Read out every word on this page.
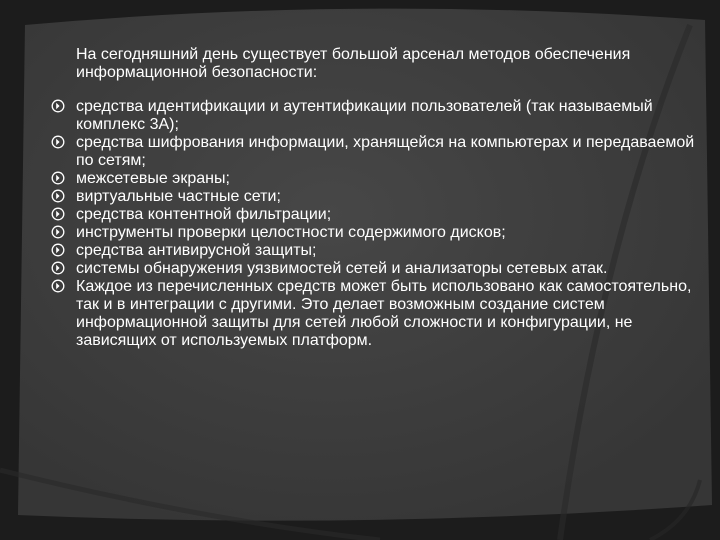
На сегодняшний день существует большой арсенал методов обеспечения информационной безопасности:

средства идентификации и аутентификации пользователей (так называемый комплекс 3А);
средства шифрования информации, хранящейся на компьютерах и передаваемой по сетям;
межсетевые экраны;
виртуальные частные сети;
средства контентной фильтрации;
инструменты проверки целостности содержимого дисков;
средства антивирусной защиты;
системы обнаружения уязвимостей сетей и анализаторы сетевых атак.
Каждое из перечисленных средств может быть использовано как самостоятельно, так и в интеграции с другими. Это делает возможным создание систем информационной защиты для сетей любой сложности и конфигурации, не зависящих от используемых платформ.
